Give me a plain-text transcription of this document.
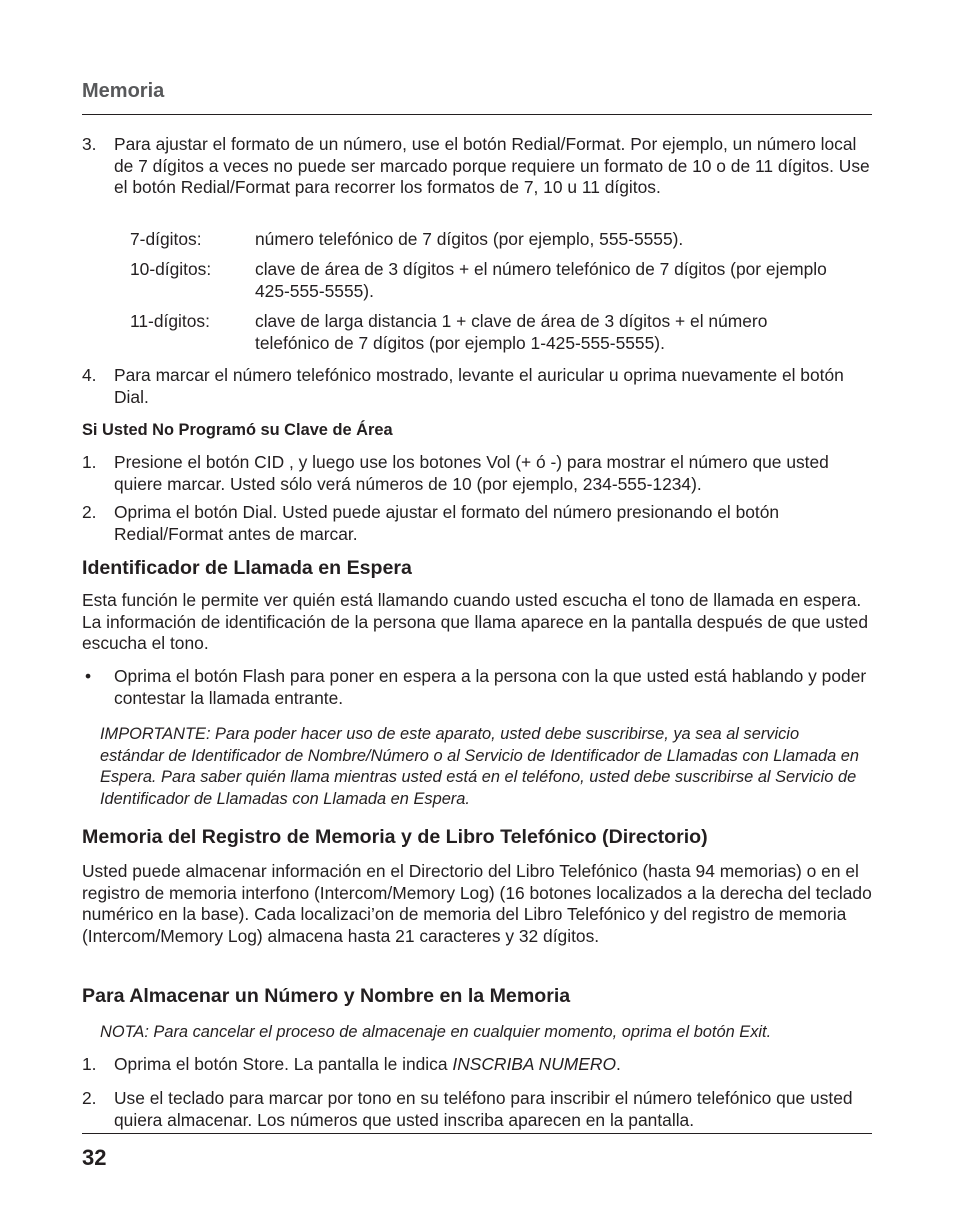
Memoria
3. Para ajustar el formato de un número, use el botón Redial/Format. Por ejemplo, un número local de 7 dígitos a veces no puede ser marcado porque requiere un formato de 10 o de 11 dígitos. Use el botón Redial/Format para recorrer los formatos de 7, 10 u 11 dígitos.
7-dígitos:	número telefónico de 7 dígitos (por ejemplo, 555-5555).
10-dígitos:	clave de área de 3 dígitos + el número telefónico de 7 dígitos (por ejemplo 425-555-5555).
11-dígitos:	clave de larga distancia 1 + clave de área de 3 dígitos + el número telefónico de 7 dígitos (por ejemplo 1-425-555-5555).
4. Para marcar el número telefónico mostrado, levante el auricular u oprima nuevamente el botón Dial.
Si Usted No Programó su Clave de Área
1. Presione el botón CID , y luego use los botones Vol (+ ó -) para mostrar el número que usted quiere marcar. Usted sólo verá números de 10 (por ejemplo, 234-555-1234).
2. Oprima el botón Dial. Usted puede ajustar el formato del número presionando el botón Redial/Format antes de marcar.
Identificador de Llamada en Espera
Esta función le permite ver quién está llamando cuando usted escucha el tono de llamada en espera. La información de identificación de la persona que llama aparece en la pantalla después de que usted escucha el tono.
• Oprima el botón Flash para poner en espera a la persona con la que usted está hablando y poder contestar la llamada entrante.
IMPORTANTE: Para poder hacer uso de este aparato, usted debe suscribirse, ya sea al servicio estándar de Identificador de Nombre/Número o al Servicio de Identificador de Llamadas con Llamada en Espera. Para saber quién llama mientras usted está en el teléfono, usted debe suscribirse al Servicio de Identificador de Llamadas con Llamada en Espera.
Memoria del Registro de Memoria y de Libro Telefónico (Directorio)
Usted puede almacenar información en el Directorio del Libro Telefónico (hasta 94 memorias) o en el registro de memoria interfono (Intercom/Memory Log) (16 botones localizados a la derecha del teclado numérico en la base). Cada localizaci’on de memoria del Libro Telefónico y del registro de memoria (Intercom/Memory Log) almacena hasta 21 caracteres y 32 dígitos.
Para Almacenar un Número y Nombre en la Memoria
NOTA: Para cancelar el proceso de almacenaje en cualquier momento, oprima el botón Exit.
1. Oprima el botón Store. La pantalla le indica INSCRIBA NUMERO.
2. Use el teclado para marcar por tono en su teléfono para inscribir el número telefónico que usted quiera almacenar. Los números que usted inscriba aparecen en la pantalla.
32
